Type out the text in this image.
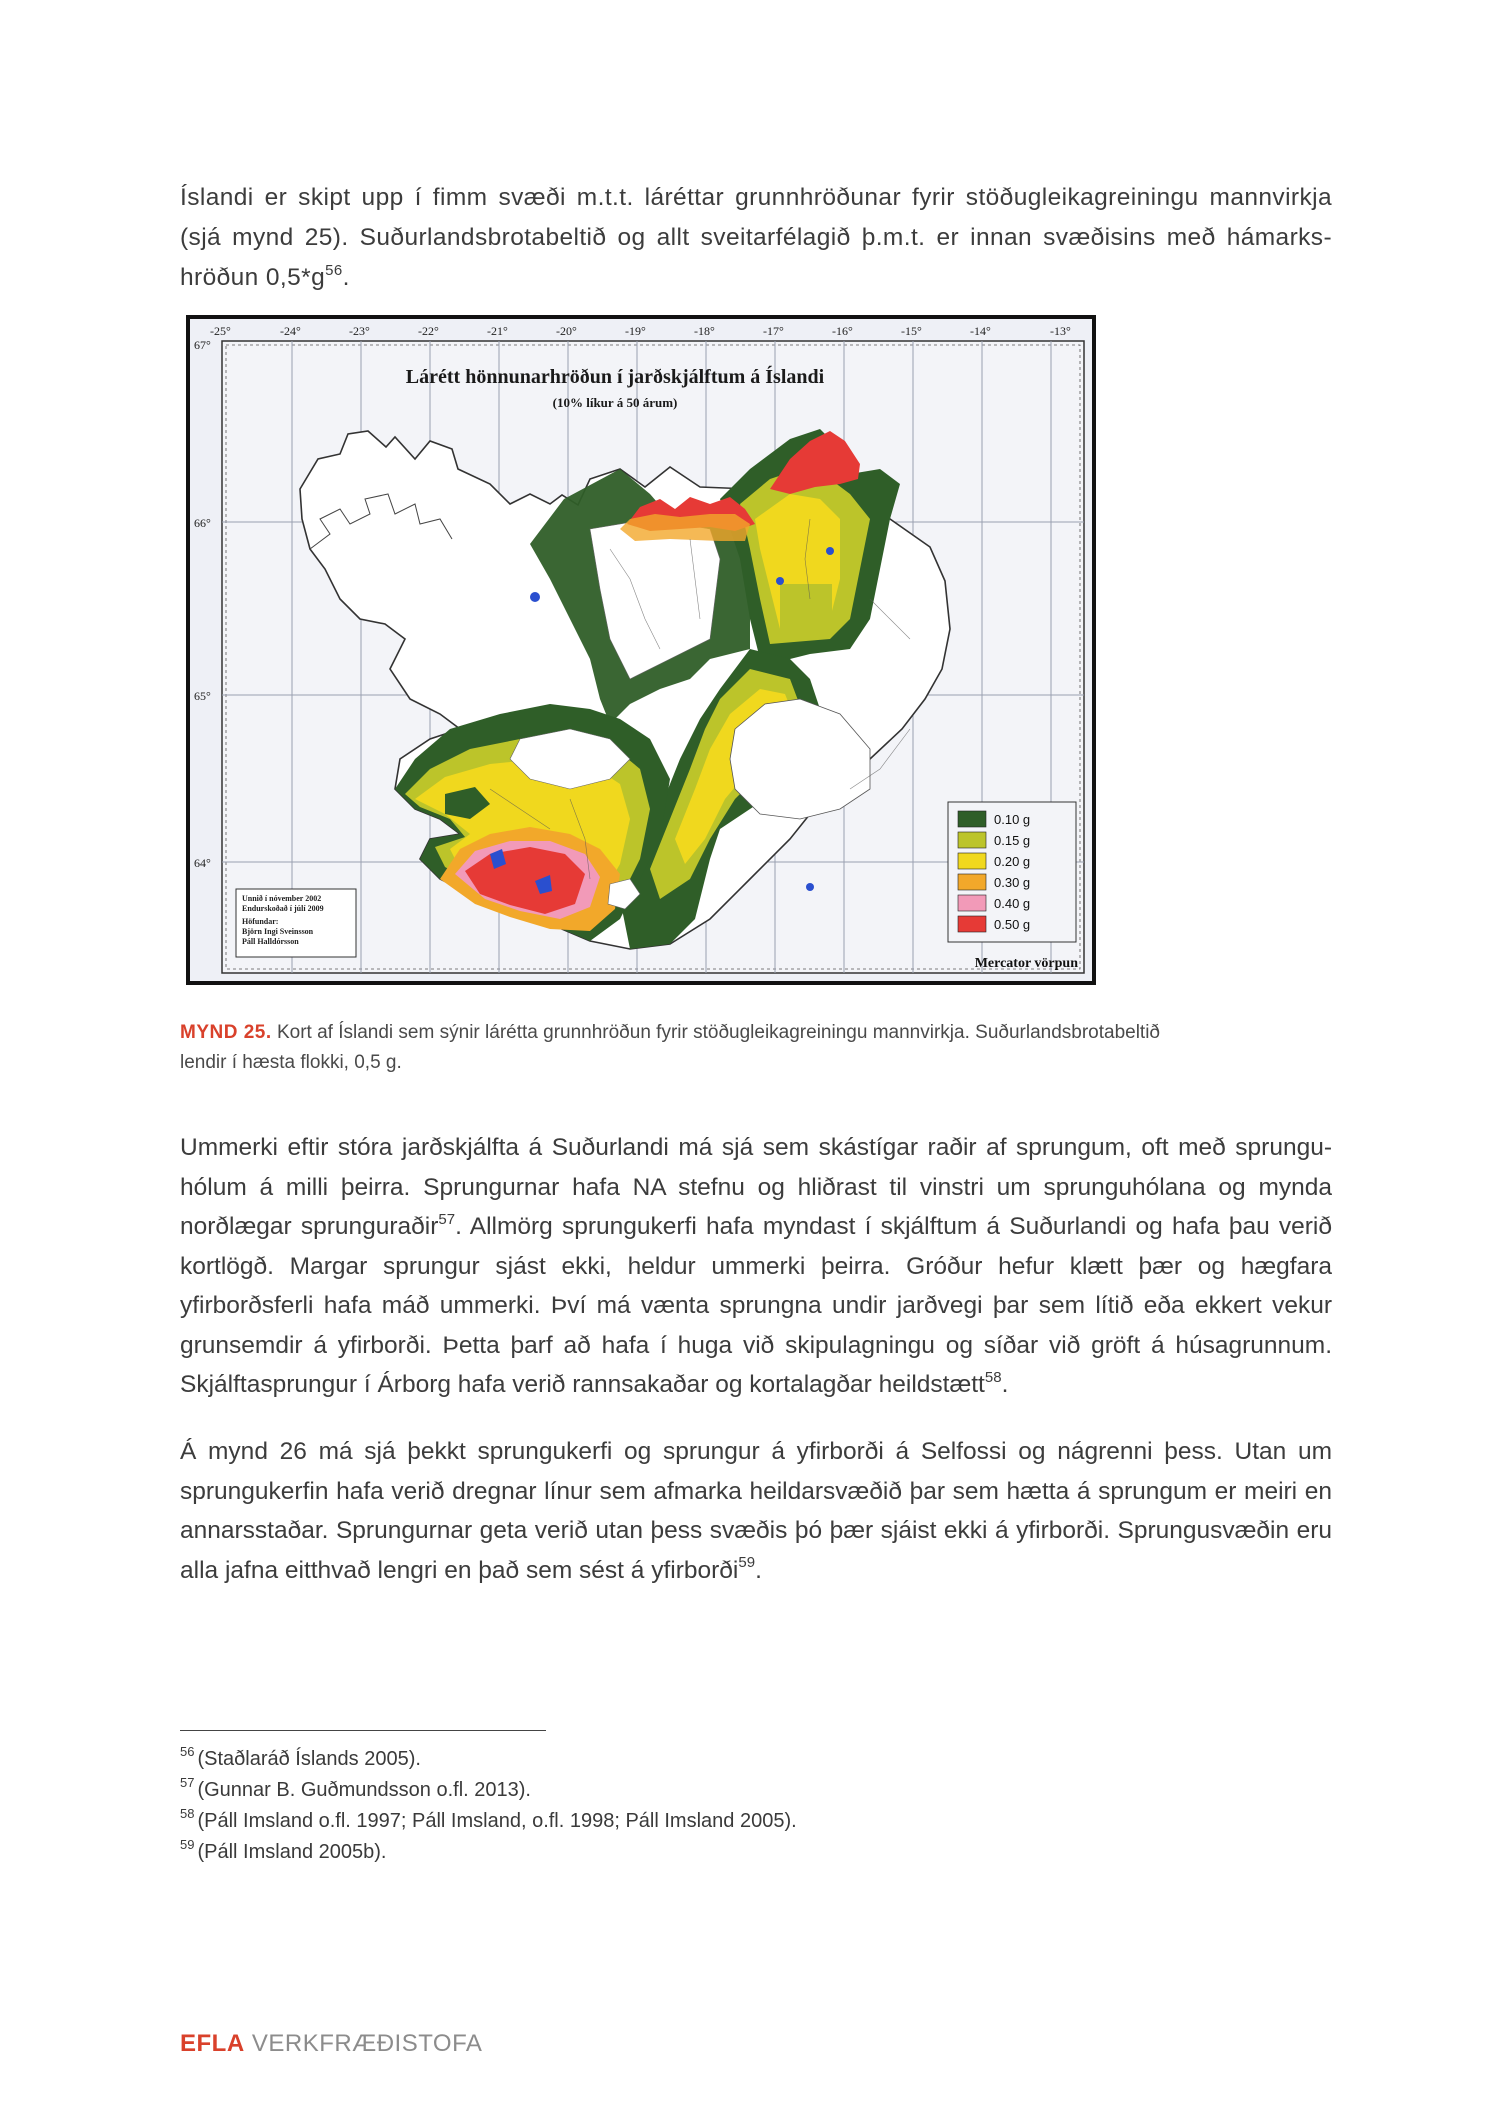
Íslandi er skipt upp í fimm svæði m.t.t. láréttar grunnhröðunar fyrir stöðugleikagreiningu mannvirkja (sjá mynd 25). Suðurlandsbrotabeltið og allt sveitarfélagið þ.m.t. er innan svæðisins með hámarks-hröðun $0,5*g^{56}$.

-25°	-24°	-23°	-22°	-21°	-20°	-19°	-18°	-17°	-16°	-15°	-14°	-13°
67°
66°
65°
64°
Lárétt hönnunarhröðun í jarðskjálftum á Íslandi
(10% líkur á 50 árum)
0.10 g
0.15 g
0.20 g
0.30 g
0.40 g
0.50 g
Unnið í nóvember 2002
Endurskoðað í júlí 2009
Höfundar:
Björn Ingi Sveinsson
Páll Halldórsson
Mercator vörpun

MYND 25. Kort af Íslandi sem sýnir lárétta grunnhröðun fyrir stöðugleikagreiningu mannvirkja. Suðurlandsbrotabeltið lendir í hæsta flokki, 0,5 g.

Ummerki eftir stóra jarðskjálfta á Suðurlandi má sjá sem skástígar raðir af sprungum, oft með sprungu-hólum á milli þeirra. Sprungurnar hafa NA stefnu og hliðrast til vinstri um sprunguhólana og mynda norðlægar sprunguraðir$^{57}$. Allmörg sprungukerfi hafa myndast í skjálftum á Suðurlandi og hafa þau verið kortlögð. Margar sprungur sjást ekki, heldur ummerki þeirra. Gróður hefur klætt þær og hægfara yfirborðsferli hafa máð ummerki. Því má vænta sprungna undir jarðvegi þar sem lítið eða ekkert vekur grunsemdir á yfirborði. Þetta þarf að hafa í huga við skipulagningu og síðar við gröft á húsagrunnum. Skjálftasprungur í Árborg hafa verið rannsakaðar og kortalagðar heildstætt$^{58}$.

Á mynd 26 má sjá þekkt sprungukerfi og sprungur á yfirborði á Selfossi og nágrenni þess. Utan um sprungukerfin hafa verið dregnar línur sem afmarka heildarsvæðið þar sem hætta á sprungum er meiri en annarsstaðar. Sprungurnar geta verið utan þess svæðis þó þær sjáist ekki á yfirborði. Sprungusvæðin eru alla jafna eitthvað lengri en það sem sést á yfirborði$^{59}$.

$^{56}$ (Staðlaráð Íslands 2005).
$^{57}$ (Gunnar B. Guðmundsson o.fl. 2013).
$^{58}$ (Páll Imsland o.fl. 1997; Páll Imsland, o.fl. 1998; Páll Imsland 2005).
$^{59}$ (Páll Imsland 2005b).
EFLA VERKFRÆÐISTOFA
